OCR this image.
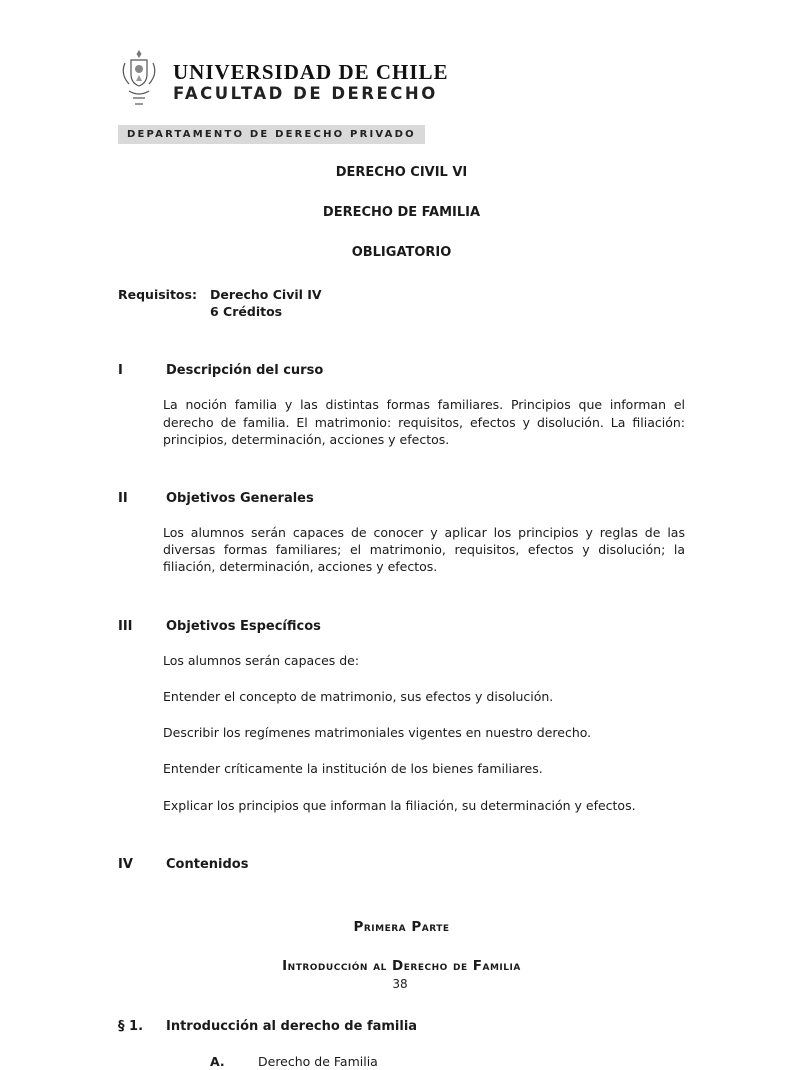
UNIVERSIDAD DE CHILE
FACULTAD DE DERECHO
DEPARTAMENTO DE DERECHO PRIVADO

DERECHO CIVIL VI

DERECHO DE FAMILIA

OBLIGATORIO

Requisitos:	Derecho Civil IV

6 Créditos

I	Descripción del curso

La noción familia y las distintas formas familiares. Principios que informan el derecho de familia. El matrimonio: requisitos, efectos y disolución. La filiación: principios, determinación, acciones y efectos.

II	Objetivos Generales

Los alumnos serán capaces de conocer y aplicar los principios y reglas de las diversas formas familiares; el matrimonio, requisitos, efectos y disolución; la filiación, determinación, acciones y efectos.

III	Objetivos Específicos

Los alumnos serán capaces de:

Entender el concepto de matrimonio, sus efectos y disolución.

Describir los regímenes matrimoniales vigentes en nuestro derecho.

Entender críticamente la institución de los bienes familiares.

Explicar los principios que informan la filiación, su determinación y efectos.

IV	Contenidos

Primera Parte

Introducción al Derecho de Familia

§ 1.	Introducción al derecho de familia
A.	Derecho de Familia
38
